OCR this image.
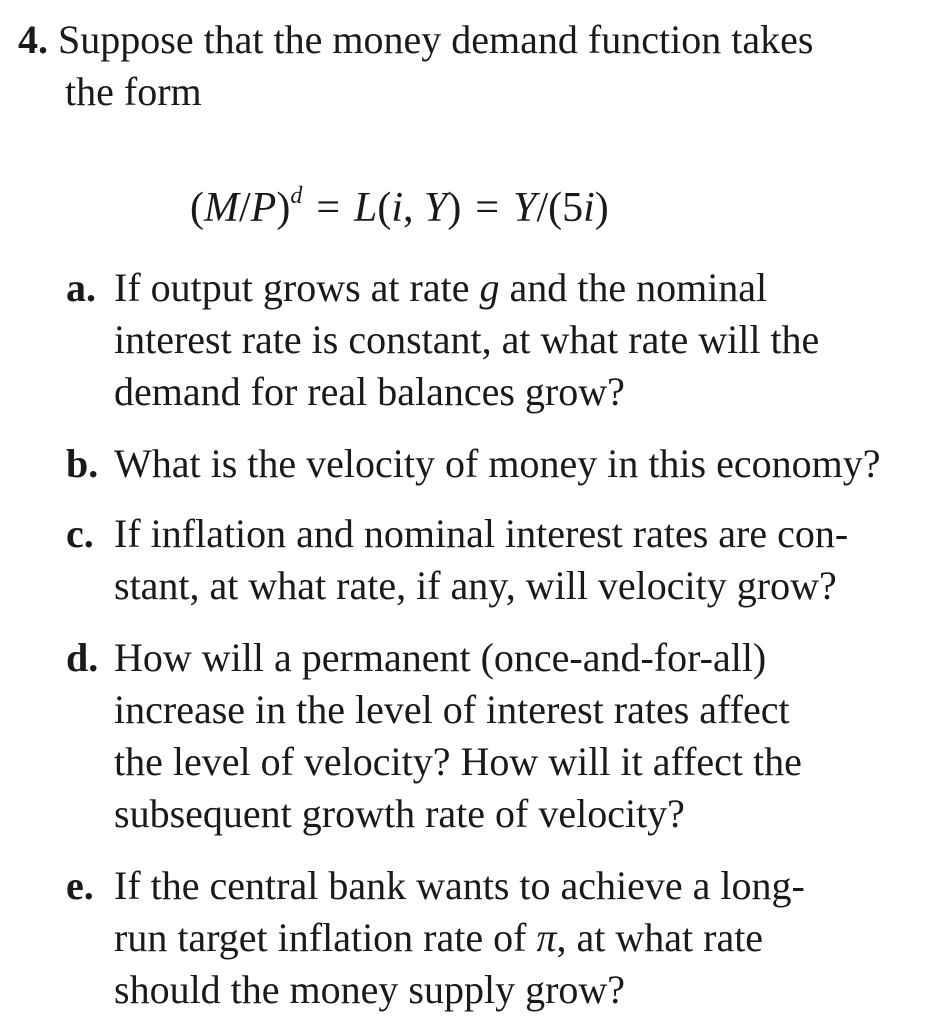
4. Suppose that the money demand function takes
the form
$(M/P)^d = L(i$, Y) = Y/(5i)
a. If output grows at rate g and the nominal
interest rate is constant, at what rate will the
demand for real balances grow?
b. What is the velocity of money in this economy?
c. If inflation and nominal interest rates are con-
stant, at what rate, if any, will velocity grow?
d. How will a permanent (once-and-for-all)
increase in the level of interest rates affect
the level of velocity? How will it affect the
subsequent growth rate of velocity?
e. If the central bank wants to achieve a long-
run target inflation rate of π, at what rate
should the money supply grow?
